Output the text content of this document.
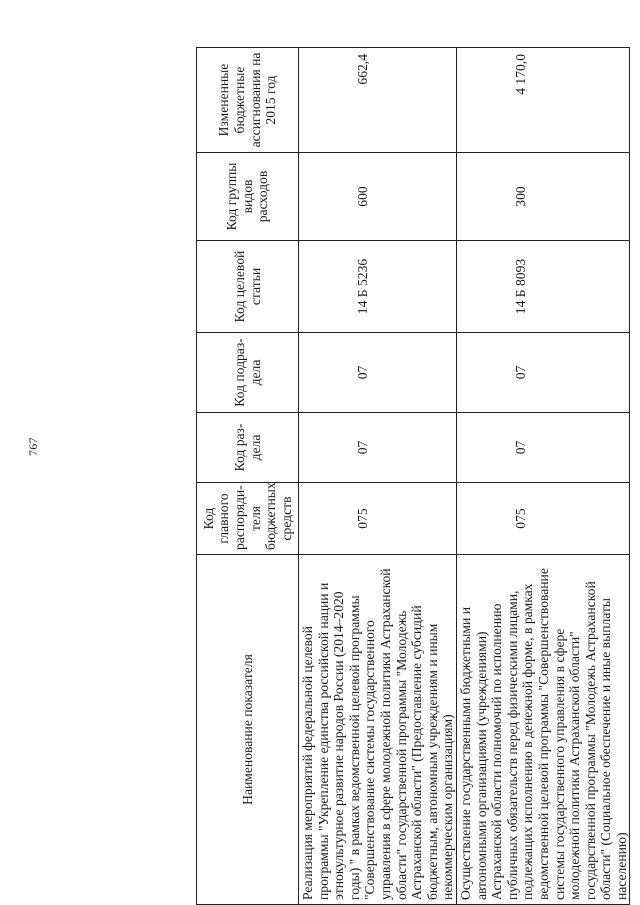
767
Наименование показателя	Код главного распоряди-теля бюджетных средств	Код раз-дела	Код подраз-дела	Код целевой статьи	Код группы видов расходов	Измененные бюджетные ассигнования на 2015 год
Реализация мероприятий федеральной целевой программы "Укрепление единства российской нации и этнокультурное развитие народов России (2014–2020 годы) " в рамках ведомственной целевой программы "Совершенствование системы государственного управления в сфере молодежной политики Астраханской области" государственной программы "Молодежь Астраханской области" (Предоставление субсидий бюджетным, автономным учреждениям и иным некоммерческим организациям)	075	07	07	14 Б 5236	600	662,4

Осуществление государственными бюджетными и автономными организациями (учреждениями) Астраханской области полномочий по исполнению публичных обязательств перед физическими лицами, подлежащих исполнению в денежной форме, в рамках ведомственной целевой программы "Совершенствование системы государственного управления в сфере молодежной политики Астраханской области" государственной программы "Молодежь Астраханской области" (Социальное обеспечение и иные выплаты населению)	075	07	07	14 Б 8093	300	4 170,0
